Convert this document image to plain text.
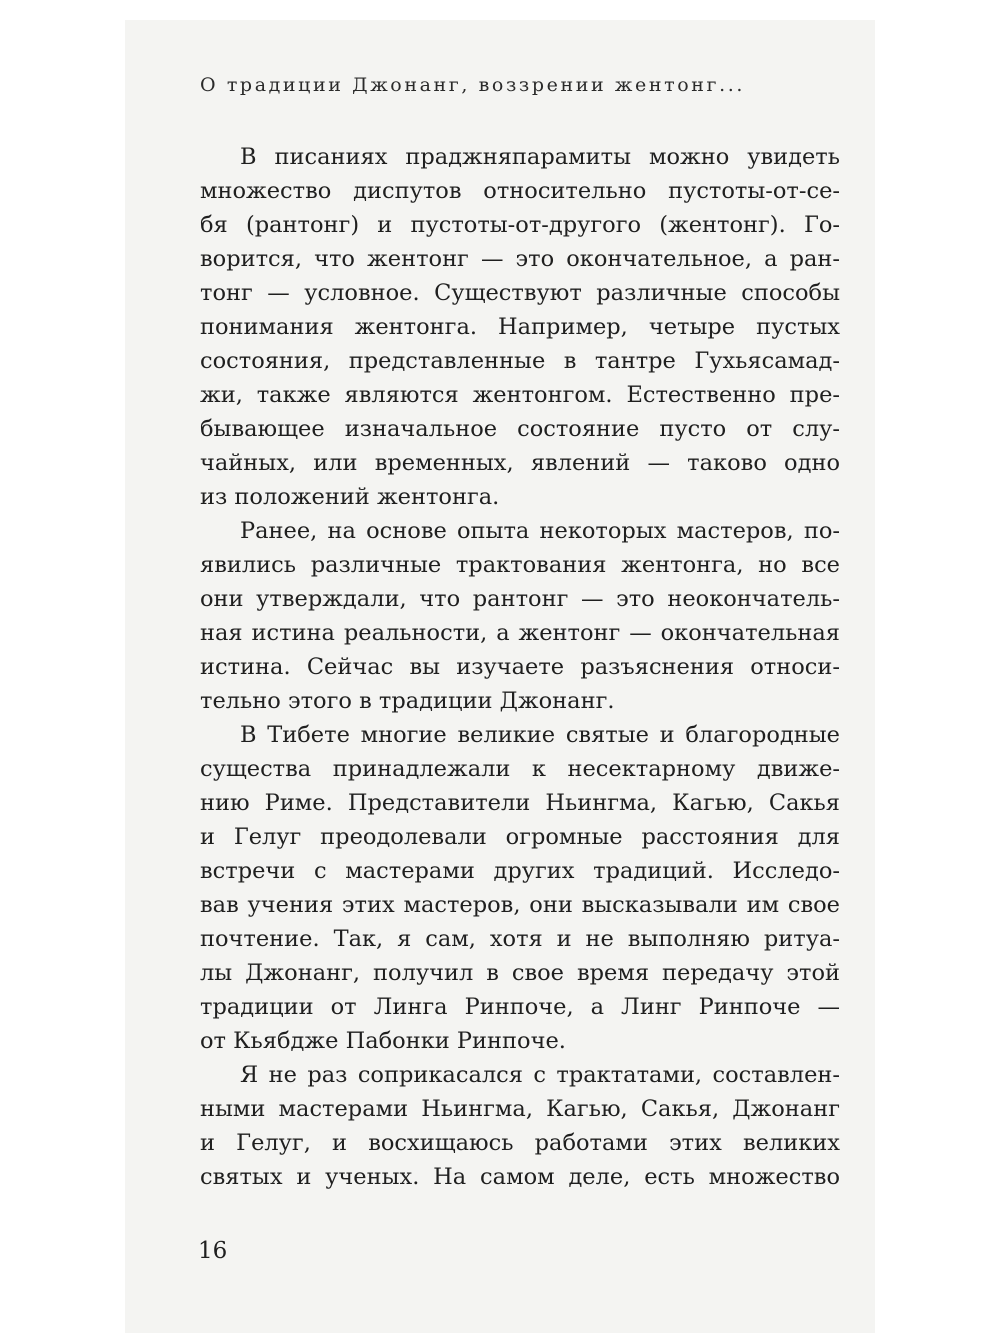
О традиции Джонанг, воззрении жентонг...
В писаниях праджняпарамиты можно увидеть
множество диспутов относительно пустоты-от-се-
бя (рантонг) и пустоты-от-другого (жентонг). Го-
ворится, что жентонг — это окончательное, а ран-
тонг — условное. Существуют различные способы
понимания жентонга. Например, четыре пустых
состояния, представленные в тантре Гухьясамад-
жи, также являются жентонгом. Естественно пре-
бывающее изначальное состояние пусто от слу-
чайных, или временных, явлений — таково одно
из положений жентонга.
Ранее, на основе опыта некоторых мастеров, по-
явились различные трактования жентонга, но все
они утверждали, что рантонг — это неокончатель-
ная истина реальности, а жентонг — окончательная
истина. Сейчас вы изучаете разъяснения относи-
тельно этого в традиции Джонанг.
В Тибете многие великие святые и благородные
существа принадлежали к несектарному движе-
нию Риме. Представители Ньингма, Кагью, Сакья
и Гелуг преодолевали огромные расстояния для
встречи с мастерами других традиций. Исследо-
вав учения этих мастеров, они высказывали им свое
почтение. Так, я сам, хотя и не выполняю ритуа-
лы Джонанг, получил в свое время передачу этой
традиции от Линга Ринпоче, а Линг Ринпоче —
от Кьябдже Пабонки Ринпоче.
Я не раз соприкасался с трактатами, составлен-
ными мастерами Ньингма, Кагью, Сакья, Джонанг
и Гелуг, и восхищаюсь работами этих великих
святых и ученых. На самом деле, есть множество
16
